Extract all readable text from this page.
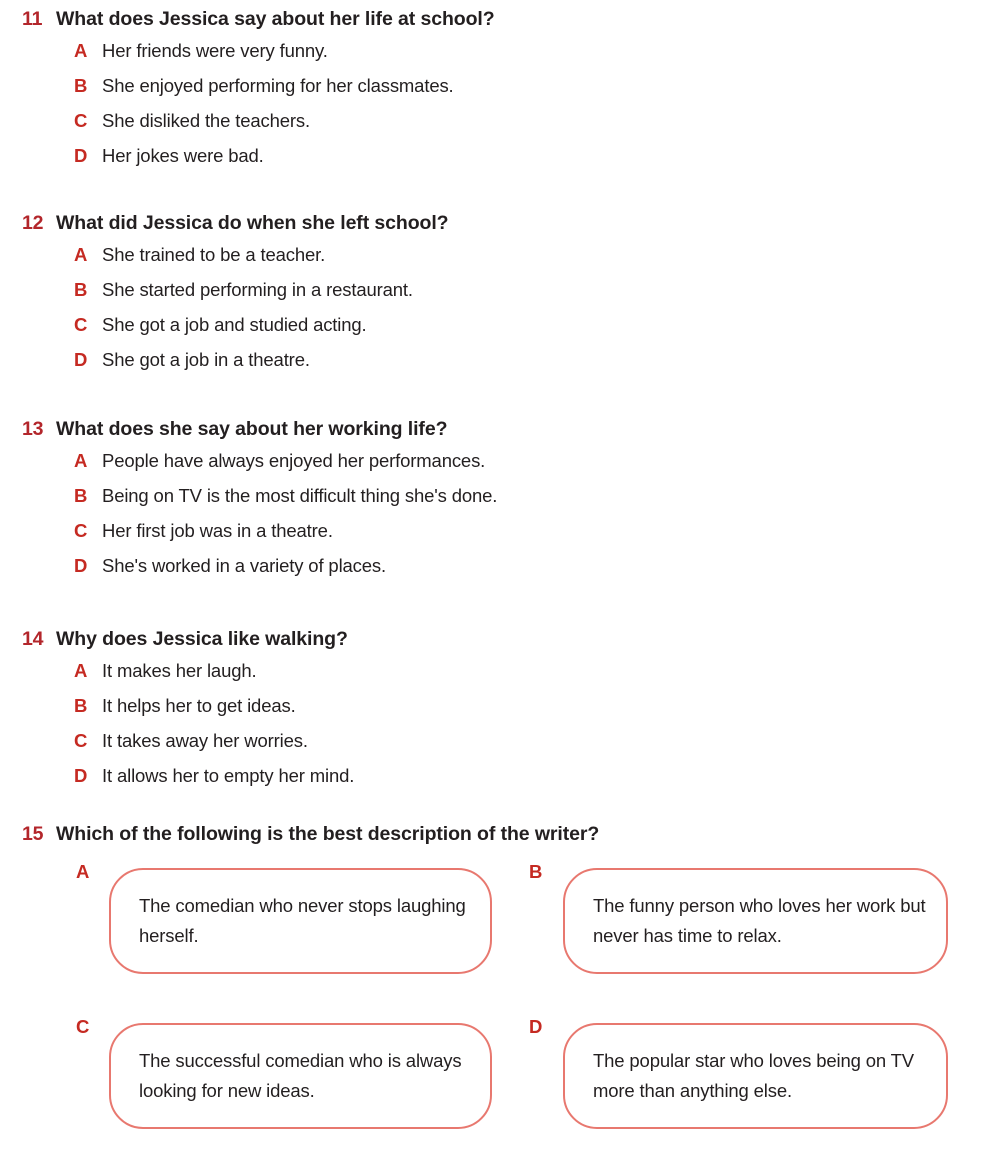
11 What does Jessica say about her life at school?
A Her friends were very funny.
B She enjoyed performing for her classmates.
C She disliked the teachers.
D Her jokes were bad.
12 What did Jessica do when she left school?
A She trained to be a teacher.
B She started performing in a restaurant.
C She got a job and studied acting.
D She got a job in a theatre.
13 What does she say about her working life?
A People have always enjoyed her performances.
B Being on TV is the most difficult thing she's done.
C Her first job was in a theatre.
D She's worked in a variety of places.
14 Why does Jessica like walking?
A It makes her laugh.
B It helps her to get ideas.
C It takes away her worries.
D It allows her to empty her mind.
15 Which of the following is the best description of the writer?
A

The comedian who never stops laughing herself.

B

The funny person who loves her work but never has time to relax.

C

The successful comedian who is always looking for new ideas.

D

The popular star who loves being on TV more than anything else.
